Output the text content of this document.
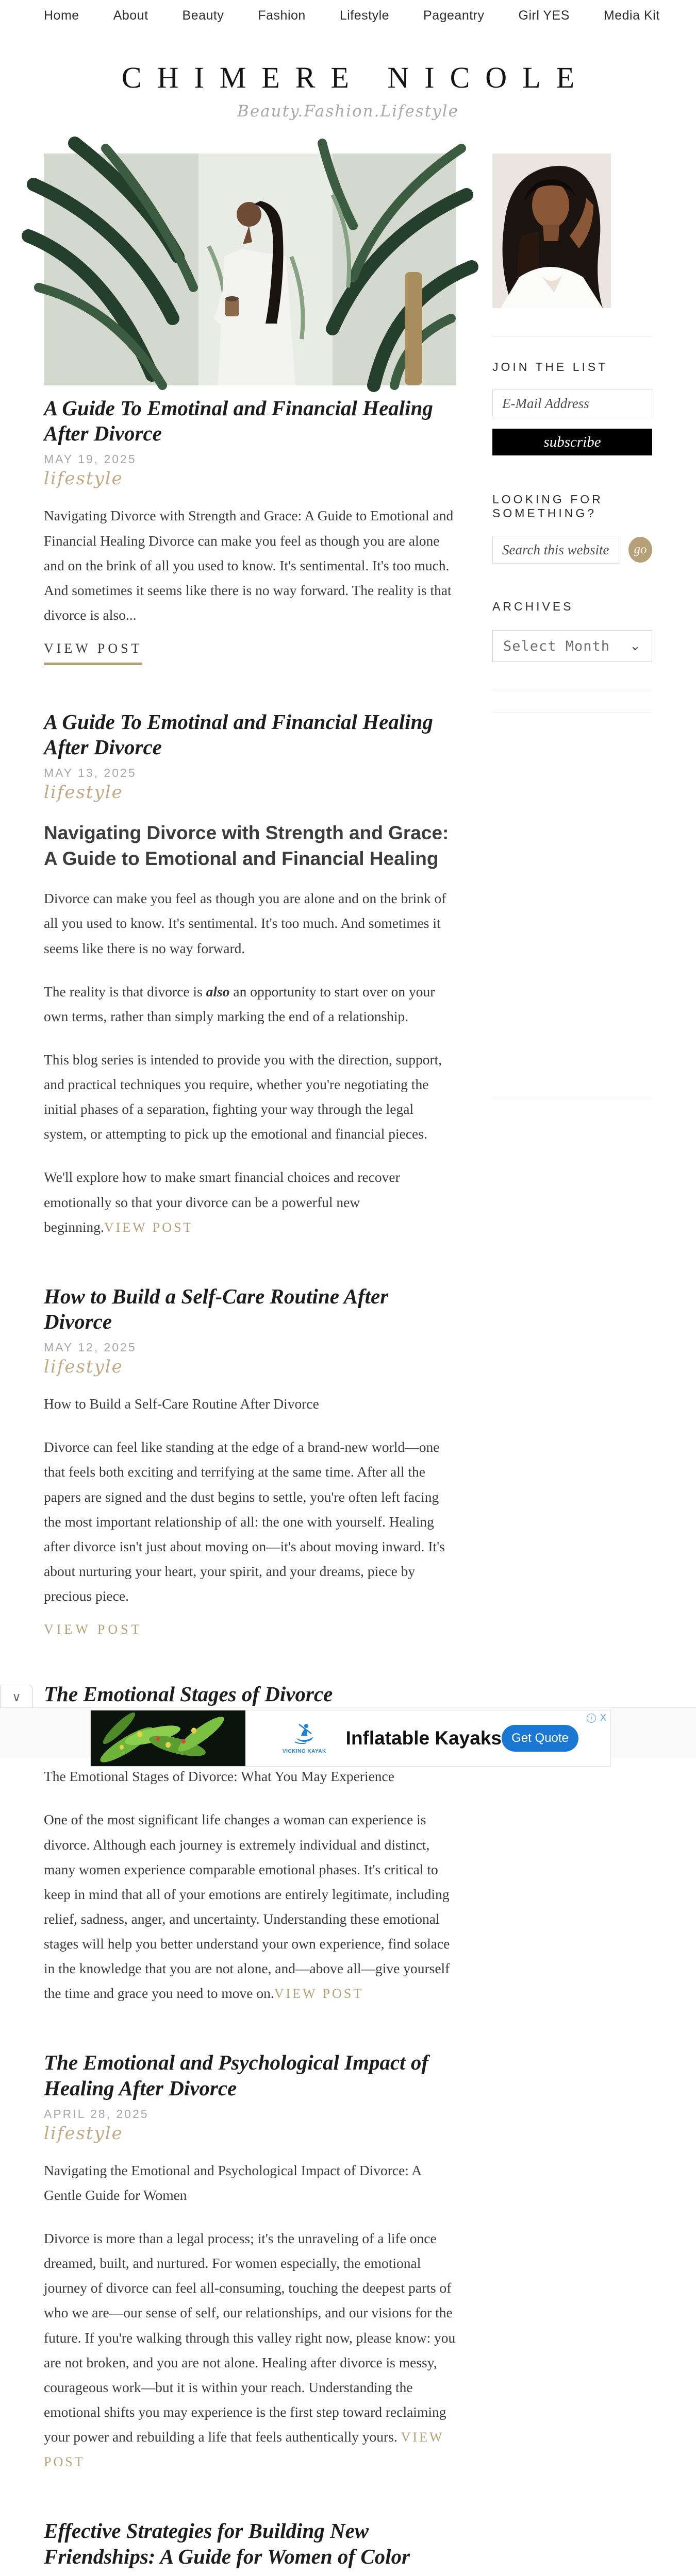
Home	About	Beauty	Fashion	Lifestyle	Pageantry	Girl YES	Media Kit
CHIMERE NICOLE
Beauty.Fashion.Lifestyle
A Guide To Emotinal and Financial Healing After Divorce
MAY 19, 2025
lifestyle

Navigating Divorce with Strength and Grace: A Guide to Emotional and Financial Healing Divorce can make you feel as though you are alone and on the brink of all you used to know. It's sentimental. It's too much. And sometimes it seems like there is no way forward. The reality is that divorce is also...

VIEW POST
A Guide To Emotinal and Financial Healing After Divorce
MAY 13, 2025
lifestyle
Navigating Divorce with Strength and Grace: A Guide to Emotional and Financial Healing

Divorce can make you feel as though you are alone and on the brink of all you used to know. It's sentimental. It's too much. And sometimes it seems like there is no way forward.

The reality is that divorce is also an opportunity to start over on your own terms, rather than simply marking the end of a relationship.

This blog series is intended to provide you with the direction, support, and practical techniques you require, whether you're negotiating the initial phases of a separation, fighting your way through the legal system, or attempting to pick up the emotional and financial pieces.

We'll explore how to make smart financial choices and recover emotionally so that your divorce can be a powerful new beginning.VIEW POST

How to Build a Self-Care Routine After Divorce
MAY 12, 2025
lifestyle

How to Build a Self-Care Routine After Divorce

Divorce can feel like standing at the edge of a brand-new world—one that feels both exciting and terrifying at the same time. After all the papers are signed and the dust begins to settle, you're often left facing the most important relationship of all: the one with yourself. Healing after divorce isn't just about moving on—it's about moving inward. It's about nurturing your heart, your spirit, and your dreams, piece by precious piece.

VIEW POST
The Emotional Stages of Divorce

The Emotional Stages of Divorce: What You May Experience

One of the most significant life changes a woman can experience is divorce. Although each journey is extremely individual and distinct, many women experience comparable emotional phases. It's critical to keep in mind that all of your emotions are entirely legitimate, including relief, sadness, anger, and uncertainty. Understanding these emotional stages will help you better understand your own experience, find solace in the knowledge that you are not alone, and—above all—give yourself the time and grace you need to move on.VIEW POST

The Emotional and Psychological Impact of Healing After Divorce
APRIL 28, 2025
lifestyle

Navigating the Emotional and Psychological Impact of Divorce: A Gentle Guide for Women

Divorce is more than a legal process; it's the unraveling of a life once dreamed, built, and nurtured. For women especially, the emotional journey of divorce can feel all-consuming, touching the deepest parts of who we are—our sense of self, our relationships, and our visions for the future. If you're walking through this valley right now, please know: you are not broken, and you are not alone. Healing after divorce is messy, courageous work—but it is within your reach. Understanding the emotional shifts you may experience is the first step toward reclaiming your power and rebuilding a life that feels authentically yours. VIEW POST

Effective Strategies for Building New Friendships: A Guide for Women of Color

JOIN THE LIST
E-Mail Address subscribe
LOOKING FOR SOMETHING?
Search this website ...
go
ARCHIVES
Select Month ⌄
∨
VICKING KAYAK
Inflatable Kayaks Get Quote
i X
